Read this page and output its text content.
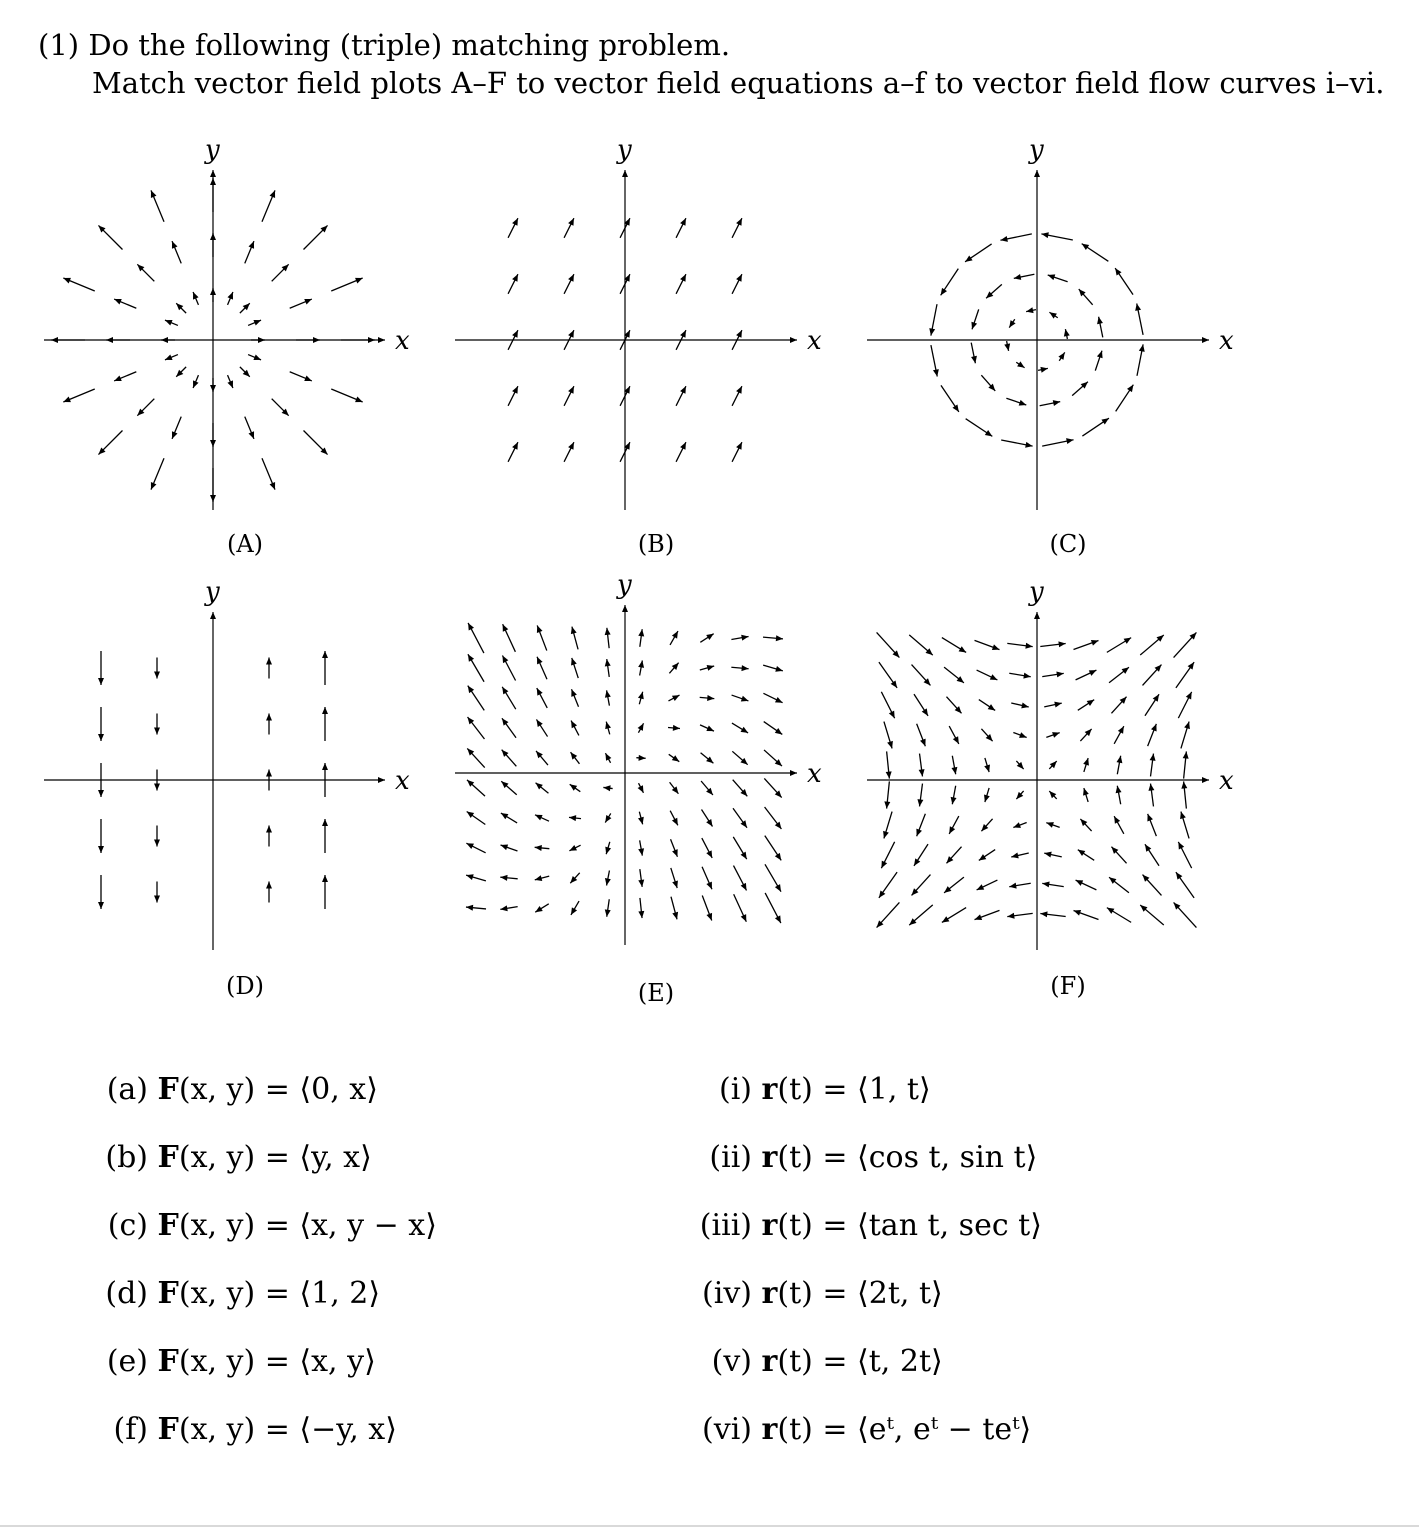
(1) Do the following (triple) matching problem.
Match vector field plots A–F to vector field equations a–f to vector field flow curves i–vi.
x
y
(A)
x
y
(B)
x
y
(C)
x
y
(D)
x
y
(E)
x
y
(F)
(a) F(x, y) = ⟨0, x⟩
(b) F(x, y) = ⟨y, x⟩
(c) F(x, y) = ⟨x, y − x⟩
(d) F(x, y) = ⟨1, 2⟩
(e) F(x, y) = ⟨x, y⟩
(f) F(x, y) = ⟨−y, x⟩
(i) r(t) = ⟨1, t⟩
(ii) r(t) = ⟨cos t, sin t⟩
(iii) r(t) = ⟨tan t, sec t⟩
(iv) r(t) = ⟨2t, t⟩
(v) r(t) = ⟨t, 2t⟩
(vi) r(t) = ⟨eᵗ, eᵗ − teᵗ⟩
